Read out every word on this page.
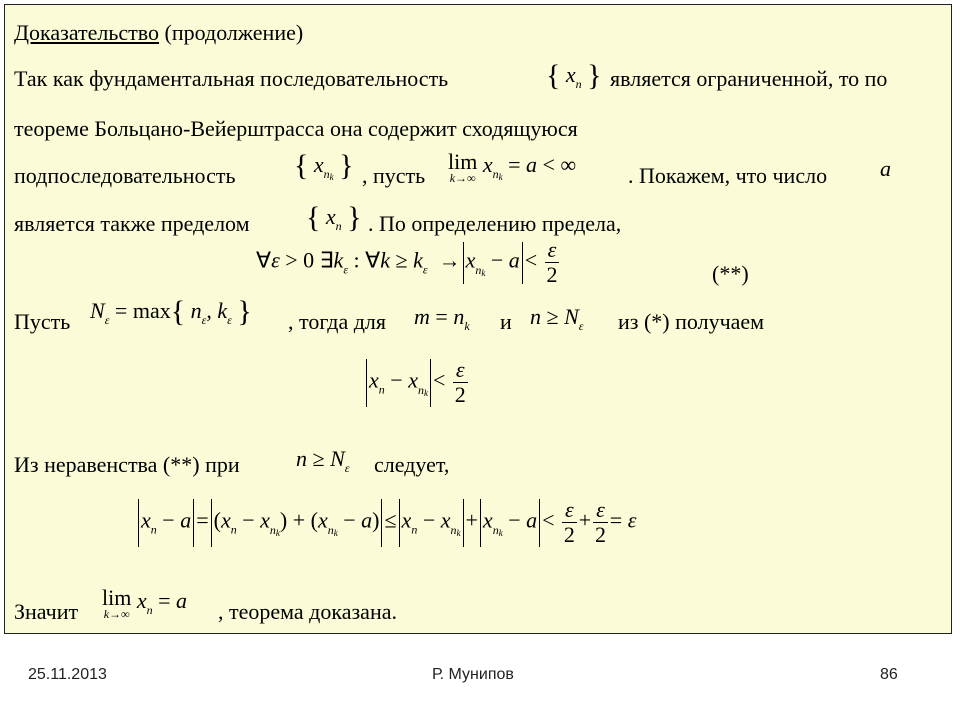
Доказательство (продолжение)
Так как фундаментальная последовательность	{ $x_n$ } является ограниченной, то по
теореме Больцано-Вейерштрасса она содержит сходящуюся
подпоследовательность { $x_{nk}$ } , пусть
lim
k→∞
$x_{nk} = a$ < ∞ . Покажем, что число a
является также пределом { $x_n$ } . По определению предела,
∀ε > 0 $\exists k_\varepsilon$ : ∀k ≥ $k_\varepsilon \to x_{nk} - a < \frac{\varepsilon}{2}$	(**)
Пусть $N_\varepsilon = \max${ $n_\varepsilon$, $k_\varepsilon$ } , тогда для $m = n_k$ и $n \ge N_\varepsilon$ из (*) получаем
$x_n - x_{nk} < \frac{\varepsilon}{2}$
Из неравенства (**) при	$n \ge N_\varepsilon$ следует,
$x_n - a = (x_n - x_{nk}) + (x_{nk} - a) \le x_n - x_{nk} + x_{nk} - a < \frac{\varepsilon}{2} + \frac{\varepsilon}{2} = \varepsilon$
Значит
lim
k→∞
$x_n = a$ , теорема доказана.
25.11.2013	Р. Мунипов	86
